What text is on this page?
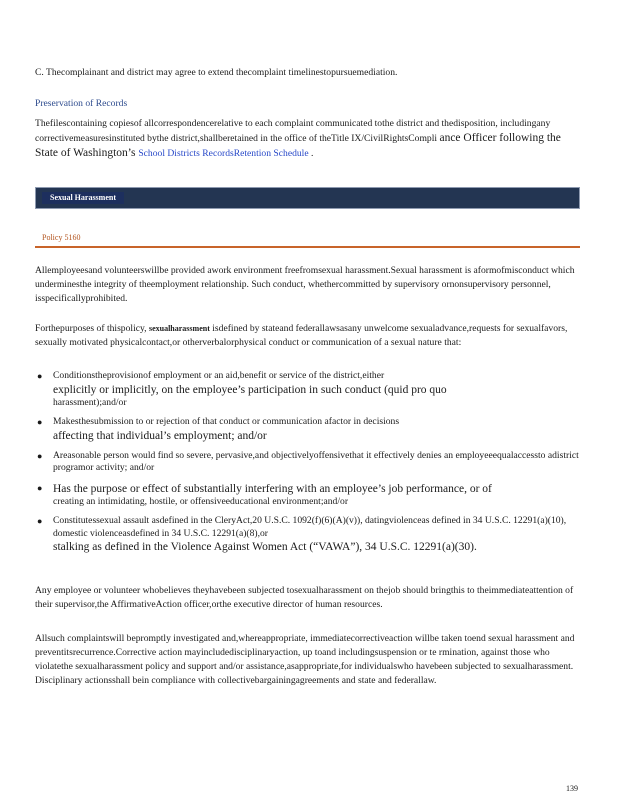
C. Thecomplainant and district may agree to extend thecomplaint timelinestopursuemediation.
Preservation of Records
Thefilescontaining copiesof allcorrespondencerelative to each complaint communicated tothe district and thedisposition, includingany correctivemeasuresinstituted bythe district,shallberetained in the office of theTitle IX/CivilRightsCompli ance Officer following the State of Washington’s School Districts RecordsRetention Schedule .
Sexual Harassment
Policy 5160
Allemployeesand volunteerswillbe provided awork environment freefromsexual harassment.Sexual harassment is aformofmisconduct which underminesthe integrity of theemployment relationship. Such conduct, whethercommitted by supervisory ornonsupervisory personnel, isspecificallyprohibited.
Forthepurposes of thispolicy, sexualharassment isdefined by stateand federallawsasany unwelcome sexualadvance,requests for sexualfavors, sexually motivated physicalcontact,or otherverbalorphysical conduct or communication of a sexual nature that:
● Conditionstheprovisionof employment or an aid,benefit or service of the district,either
explicitly or implicitly, on the employee’s participation in such conduct (quid pro quo
harassment);and/or
● Makesthesubmission to or rejection of that conduct or communication afactor in decisions
affecting that individual’s employment; and/or
● Areasonable person would find so severe, pervasive,and objectivelyoffensivethat it effectively denies an employeeequalaccessto adistrict programor activity; and/or
● Has the purpose or effect of substantially interfering with an employee’s job performance, or of
creating an intimidating, hostile, or offensiveeducational environment;and/or
● Constitutessexual assault asdefined in the CleryAct,20 U.S.C. 1092(f)(6)(A)(v)), datingviolenceas defined in 34 U.S.C. 12291(a)(10), domestic violenceasdefined in 34 U.S.C. 12291(a)(8),or
stalking as defined in the Violence Against Women Act (“VAWA”), 34 U.S.C. 12291(a)(30).
Any employee or volunteer whobelieves theyhavebeen subjected tosexualharassment on thejob should bringthis to theimmediateattention of their supervisor,the AffirmativeAction officer,orthe executive director of human resources.
Allsuch complaintswill bepromptly investigated and,whereappropriate, immediatecorrectiveaction willbe taken toend sexual harassment and preventitsrecurrence.Corrective action mayincludedisciplinaryaction, up toand includingsuspension or te rmination, against those who violatethe sexualharassment policy and support and/or assistance,asappropriate,for individualswho havebeen subjected to sexualharassment. Disciplinary actionsshall bein compliance with collectivebargainingagreements and state and federallaw.
139
